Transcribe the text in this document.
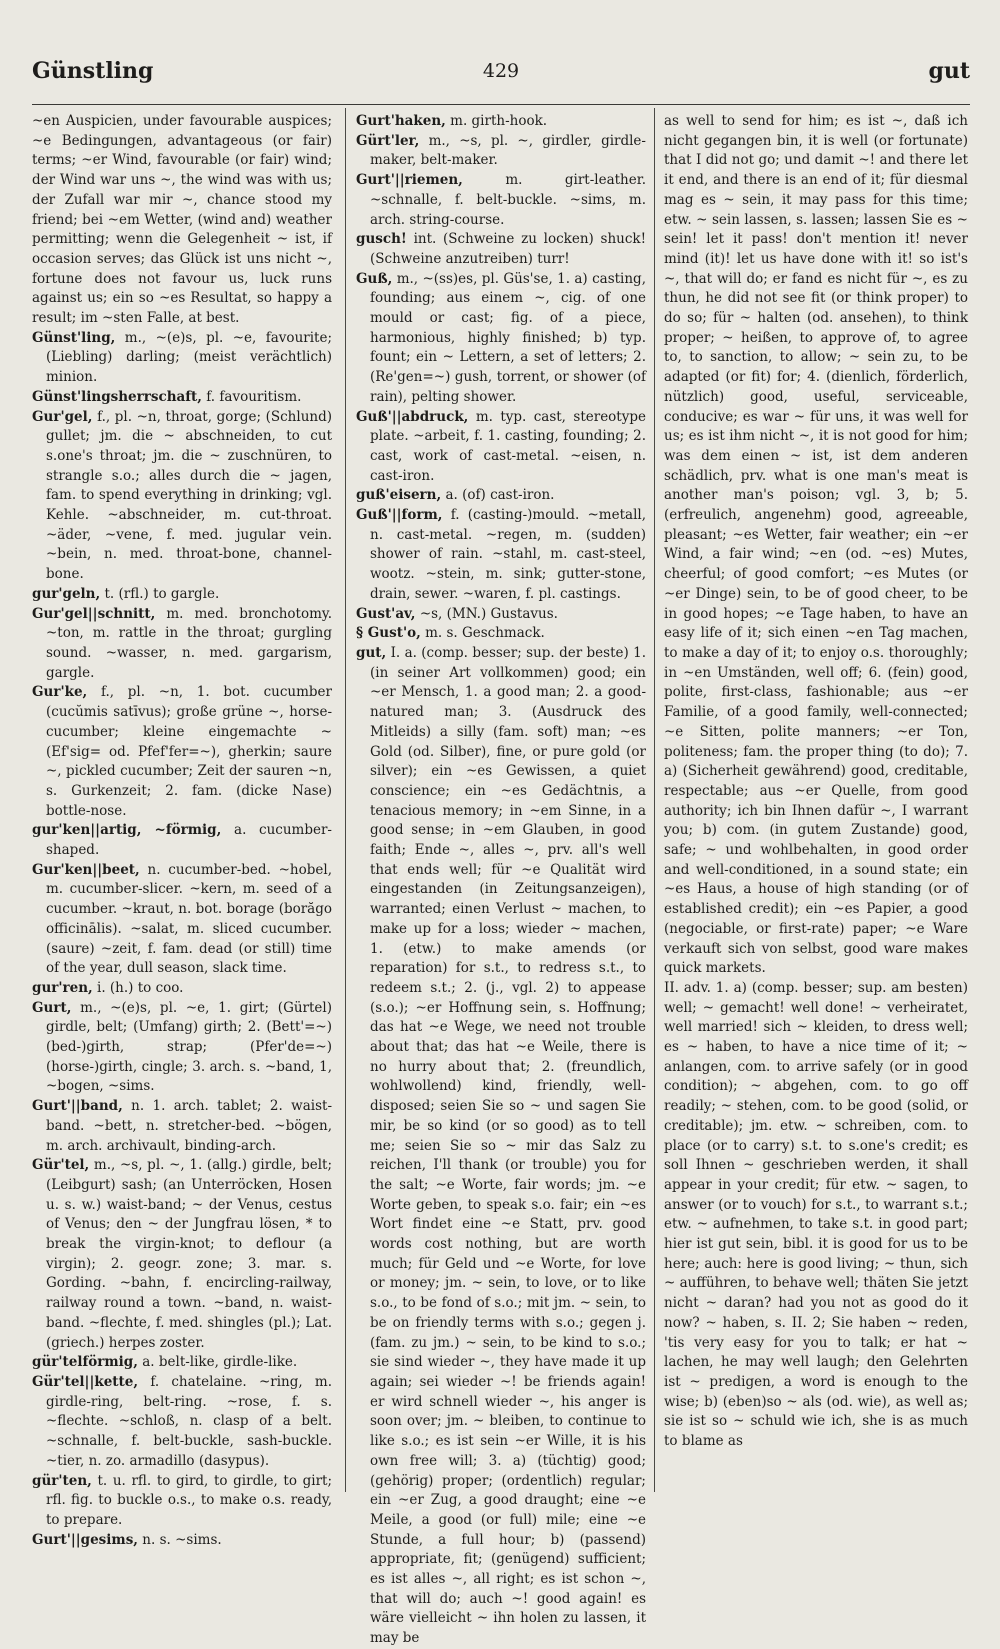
Günstling	429	gut

~en Auspicien, under favourable auspices; ~e Bedingungen, advantageous (or fair) terms; ~er Wind, favourable (or fair) wind; der Wind war uns ~, the wind was with us; der Zufall war mir ~, chance stood my friend; bei ~em Wetter, (wind and) weather permitting; wenn die Gelegenheit ~ ist, if occasion serves; das Glück ist uns nicht ~, fortune does not favour us, luck runs against us; ein so ~es Resultat, so happy a result; im ~sten Falle, at best.

Günst'ling, m., ~(e)s, pl. ~e, favourite; (Liebling) darling; (meist verächtlich) minion.

Günst'lingsherrschaft, f. favouritism.

Gur'gel, f., pl. ~n, throat, gorge; (Schlund) gullet; jm. die ~ abschneiden, to cut s.one's throat; jm. die ~ zuschnüren, to strangle s.o.; alles durch die ~ jagen, fam. to spend everything in drinking; vgl. Kehle. ~abschneider, m. cut-throat. ~äder, ~vene, f. med. jugular vein. ~bein, n. med. throat-bone, channel-bone.

gur'geln, t. (rfl.) to gargle.

Gur'gel||schnitt, m. med. bronchotomy. ~ton, m. rattle in the throat; gurgling sound. ~wasser, n. med. gargarism, gargle.

Gur'ke, f., pl. ~n, 1. bot. cucumber (cucŭmis satīvus); große grüne ~, horse-cucumber; kleine eingemachte ~ (Ef'sig= od. Pfef'fer=~), gherkin; saure ~, pickled cucumber; Zeit der sauren ~n, s. Gurkenzeit; 2. fam. (dicke Nase) bottle-nose.

gur'ken||artig, ~förmig, a. cucumber-shaped.

Gur'ken||beet, n. cucumber-bed. ~hobel, m. cucumber-slicer. ~kern, m. seed of a cucumber. ~kraut, n. bot. borage (borăgo officinālis). ~salat, m. sliced cucumber. (saure) ~zeit, f. fam. dead (or still) time of the year, dull season, slack time.

gur'ren, i. (h.) to coo.

Gurt, m., ~(e)s, pl. ~e, 1. girt; (Gürtel) girdle, belt; (Umfang) girth; 2. (Bett'=~) (bed-)girth, strap; (Pfer'de=~) (horse-)girth, cingle; 3. arch. s. ~band, 1, ~bogen, ~sims.

Gurt'||band, n. 1. arch. tablet; 2. waist-band. ~bett, n. stretcher-bed. ~bögen, m. arch. archivault, binding-arch.

Gür'tel, m., ~s, pl. ~, 1. (allg.) girdle, belt; (Leibgurt) sash; (an Unterröcken, Hosen u. s. w.) waist-band; ~ der Venus, cestus of Venus; den ~ der Jungfrau lösen, * to break the virgin-knot; to deflour (a virgin); 2. geogr. zone; 3. mar. s. Gording. ~bahn, f. encircling-railway, railway round a town. ~band, n. waist-band. ~flechte, f. med. shingles (pl.); Lat. (griech.) herpes zoster.

gür'telförmig, a. belt-like, girdle-like.

Gür'tel||kette, f. chatelaine. ~ring, m. girdle-ring, belt-ring. ~rose, f. s. ~flechte. ~schloß, n. clasp of a belt. ~schnalle, f. belt-buckle, sash-buckle. ~tier, n. zo. armadillo (dasypus).

gür'ten, t. u. rfl. to gird, to girdle, to girt; rfl. fig. to buckle o.s., to make o.s. ready, to prepare.

Gurt'||gesims, n. s. ~sims.

Gurt'haken, m. girth-hook.

Gürt'ler, m., ~s, pl. ~, girdler, girdle-maker, belt-maker.

Gurt'||riemen,	m. girt-leather. ~schnalle, f. belt-buckle. ~sims, m. arch. string-course.

gusch! int. (Schweine zu locken) shuck! (Schweine anzutreiben) turr!

Guß, m., ~(ss)es, pl. Güs'se, 1. a) casting, founding; aus einem ~, cig. of one mould or cast; fig. of a piece, harmonious, highly finished; b) typ. fount; ein ~ Lettern, a set of letters; 2. (Re'gen=~) gush, torrent, or shower (of rain), pelting shower.

Guß'||abdruck, m. typ. cast, stereotype plate. ~arbeit, f. 1. casting, founding; 2. cast, work of cast-metal. ~eisen, n. cast-iron.

guß'eisern, a. (of) cast-iron.

Guß'||form, f. (casting-)mould. ~metall, n. cast-metal. ~regen, m. (sudden) shower of rain. ~stahl, m. cast-steel, wootz. ~stein, m. sink; gutter-stone, drain, sewer. ~waren, f. pl. castings.

Gust'av, ~s, (MN.) Gustavus.

§ Gust'o, m. s. Geschmack.

gut, I. a. (comp. besser; sup. der beste) 1. (in seiner Art vollkommen) good; ein ~er Mensch, 1. a good man; 2. a good-natured man; 3. (Ausdruck des Mitleids) a silly (fam. soft) man; ~es Gold (od. Silber), fine, or pure gold (or silver); ein ~es Gewissen, a quiet conscience; ein ~es Gedächtnis, a tenacious memory; in ~em Sinne, in a good sense; in ~em Glauben, in good faith; Ende ~, alles ~, prv. all's well that ends well; für ~e Qualität wird eingestanden (in Zeitungsanzeigen), warranted; einen Verlust ~ machen, to make up for a loss; wieder ~ machen, 1. (etw.) to make amends (or reparation) for s.t., to redress s.t., to redeem s.t.; 2. (j., vgl. 2) to appease (s.o.); ~er Hoffnung sein, s. Hoffnung; das hat ~e Wege, we need not trouble about that; das hat ~e Weile, there is no hurry about that; 2. (freundlich, wohlwollend) kind, friendly, well-disposed; seien Sie so ~ und sagen Sie mir, be so kind (or so good) as to tell me; seien Sie so ~ mir das Salz zu reichen, I'll thank (or trouble) you for the salt; ~e Worte, fair words; jm. ~e Worte geben, to speak s.o. fair; ein ~es Wort findet eine ~e Statt, prv. good words cost nothing, but are worth much; für Geld und ~e Worte, for love or money; jm. ~ sein, to love, or to like s.o., to be fond of s.o.; mit jm. ~ sein, to be on friendly terms with s.o.; gegen j. (fam. zu jm.) ~ sein, to be kind to s.o.; sie sind wieder ~, they have made it up again; sei wieder ~! be friends again! er wird schnell wieder ~, his anger is soon over; jm. ~ bleiben, to continue to like s.o.; es ist sein ~er Wille, it is his own free will; 3. a) (tüchtig) good; (gehörig) proper; (ordentlich) regular; ein ~er Zug, a good draught; eine ~e Meile, a good (or full) mile; eine ~e Stunde, a full hour; b) (passend) appropriate, fit; (genügend) sufficient; es ist alles ~, all right; es ist schon ~, that will do; auch ~! good again! es wäre vielleicht ~ ihn holen zu lassen, it may be

as well to send for him; es ist ~, daß ich nicht gegangen bin, it is well (or fortunate) that I did not go; und damit ~! and there let it end, and there is an end of it; für diesmal mag es ~ sein, it may pass for this time; etw. ~ sein lassen, s. lassen; lassen Sie es ~ sein! let it pass! don't mention it! never mind (it)! let us have done with it! so ist's ~, that will do; er fand es nicht für ~, es zu thun, he did not see fit (or think proper) to do so; für ~ halten (od. ansehen), to think proper; ~ heißen, to approve of, to agree to, to sanction, to allow; ~ sein zu, to be adapted (or fit) for; 4. (dienlich, förderlich, nützlich) good, useful, serviceable, conducive; es war ~ für uns, it was well for us; es ist ihm nicht ~, it is not good for him; was dem einen ~ ist, ist dem anderen schädlich, prv. what is one man's meat is another man's poison; vgl. 3, b; 5. (erfreulich, angenehm) good, agreeable, pleasant; ~es Wetter, fair weather; ein ~er Wind, a fair wind; ~en (od. ~es) Mutes, cheerful; of good comfort; ~es Mutes (or ~er Dinge) sein, to be of good cheer, to be in good hopes; ~e Tage haben, to have an easy life of it; sich einen ~en Tag machen, to make a day of it; to enjoy o.s. thoroughly; in ~en Umständen, well off; 6. (fein) good, polite, first-class, fashionable; aus ~er Familie, of a good family, well-connected; ~e Sitten, polite manners; ~er Ton, politeness; fam. the proper thing (to do); 7. a) (Sicherheit gewährend) good, creditable, respectable; aus ~er Quelle, from good authority; ich bin Ihnen dafür ~, I warrant you; b) com. (in gutem Zustande) good, safe; ~ und wohlbehalten, in good order and well-conditioned, in a sound state; ein ~es Haus, a house of high standing (or of established credit); ein ~es Papier, a good (negociable, or first-rate) paper; ~e Ware verkauft sich von selbst, good ware makes quick markets.

II. adv. 1. a) (comp. besser; sup. am besten) well; ~ gemacht! well done! ~ verheiratet, well married! sich ~ kleiden, to dress well; es ~ haben, to have a nice time of it; ~ anlangen, com. to arrive safely (or in good condition); ~ abgehen, com. to go off readily; ~ stehen, com. to be good (solid, or creditable); jm. etw. ~ schreiben, com. to place (or to carry) s.t. to s.one's credit; es soll Ihnen ~ geschrieben werden, it shall appear in your credit; für etw. ~ sagen, to answer (or to vouch) for s.t., to warrant s.t.; etw. ~ aufnehmen, to take s.t. in good part; hier ist gut sein, bibl. it is good for us to be here; auch: here is good living; ~ thun, sich ~ aufführen, to behave well; thäten Sie jetzt nicht ~ daran? had you not as good do it now? ~ haben, s. II. 2; Sie haben ~ reden, 'tis very easy for you to talk; er hat ~ lachen, he may well laugh; den Gelehrten ist ~ predigen, a word is enough to the wise; b) (eben)so ~ als (od. wie), as well as; sie ist so ~ schuld wie ich, she is as much to blame as
